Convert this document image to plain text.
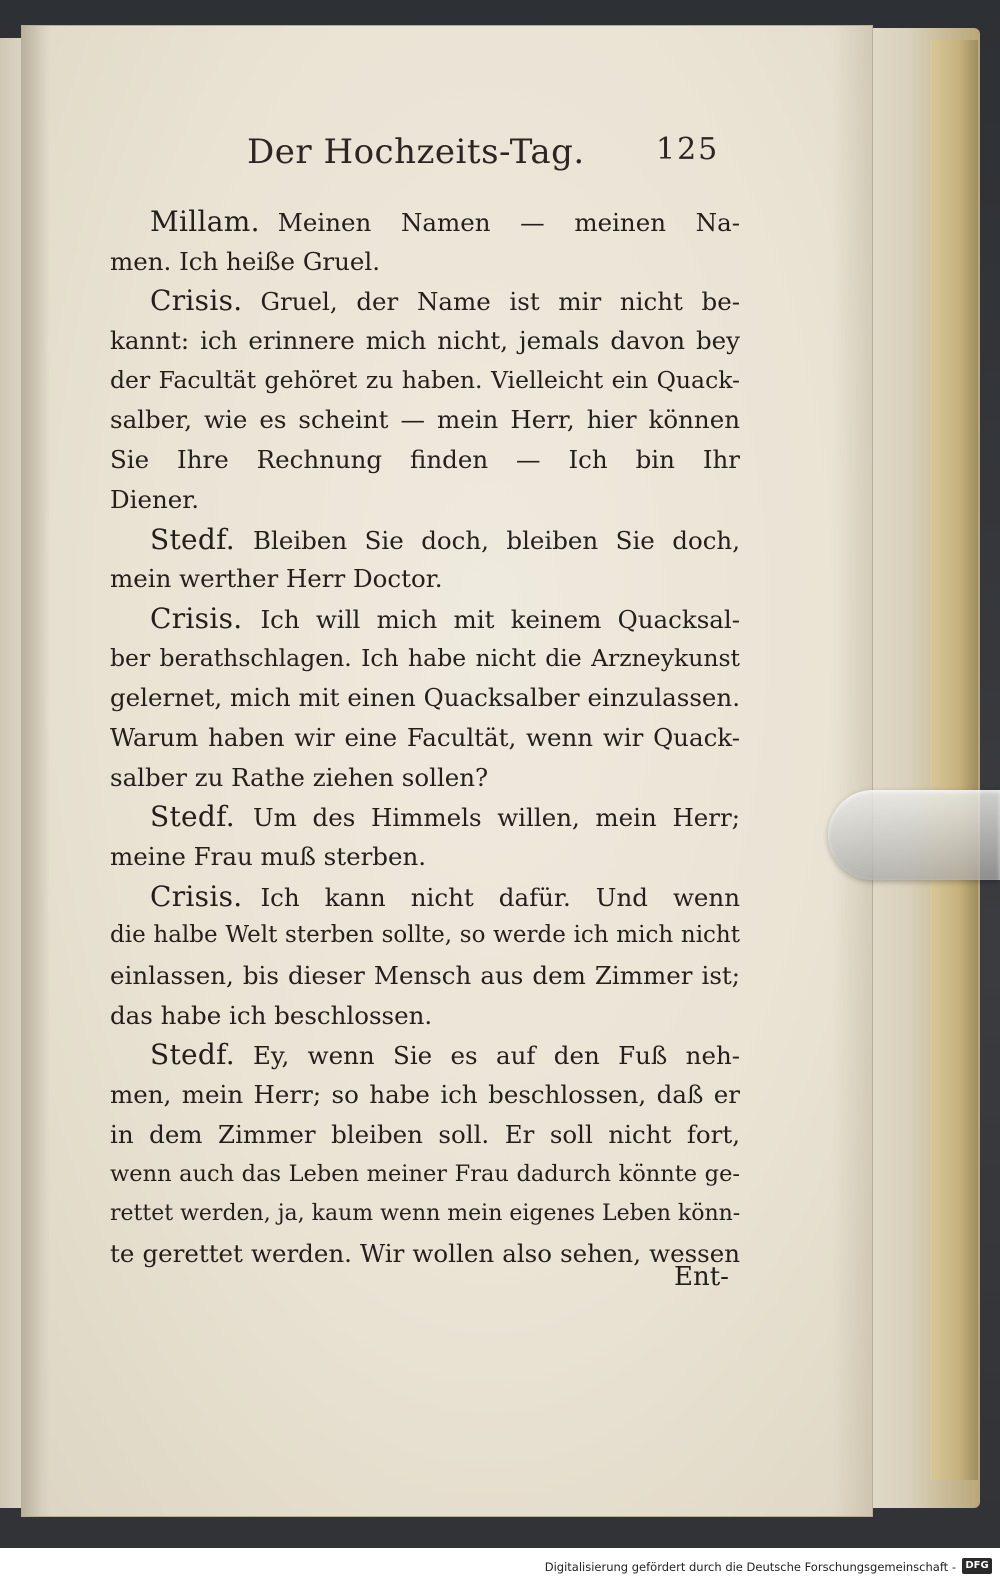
Der Hochzeits-Tag. 125
Millam. Meinen Namen — meinen Na-
men. Ich heiße Gruel.
Crisis. Gruel, der Name ist mir nicht be-
kannt: ich erinnere mich nicht, jemals davon bey
der Facultät gehöret zu haben. Vielleicht ein Quack-
salber, wie es scheint — mein Herr, hier können
Sie Ihre Rechnung finden — Ich bin Ihr
Diener.
Stedf. Bleiben Sie doch, bleiben Sie doch,
mein werther Herr Doctor.
Crisis. Ich will mich mit keinem Quacksal-
ber berathschlagen. Ich habe nicht die Arzneykunst
gelernet, mich mit einen Quacksalber einzulassen.
Warum haben wir eine Facultät, wenn wir Quack-
salber zu Rathe ziehen sollen?
Stedf. Um des Himmels willen, mein Herr;
meine Frau muß sterben.
Crisis. Ich kann nicht dafür. Und wenn
die halbe Welt sterben sollte, so werde ich mich nicht
einlassen, bis dieser Mensch aus dem Zimmer ist;
das habe ich beschlossen.
Stedf. Ey, wenn Sie es auf den Fuß neh-
men, mein Herr; so habe ich beschlossen, daß er
in dem Zimmer bleiben soll. Er soll nicht fort,
wenn auch das Leben meiner Frau dadurch könnte ge-
rettet werden, ja, kaum wenn mein eigenes Leben könn-
te gerettet werden. Wir wollen also sehen, wessen
Ent-
Digitalisierung gefördert durch die Deutsche Forschungsgemeinschaft - DFG
